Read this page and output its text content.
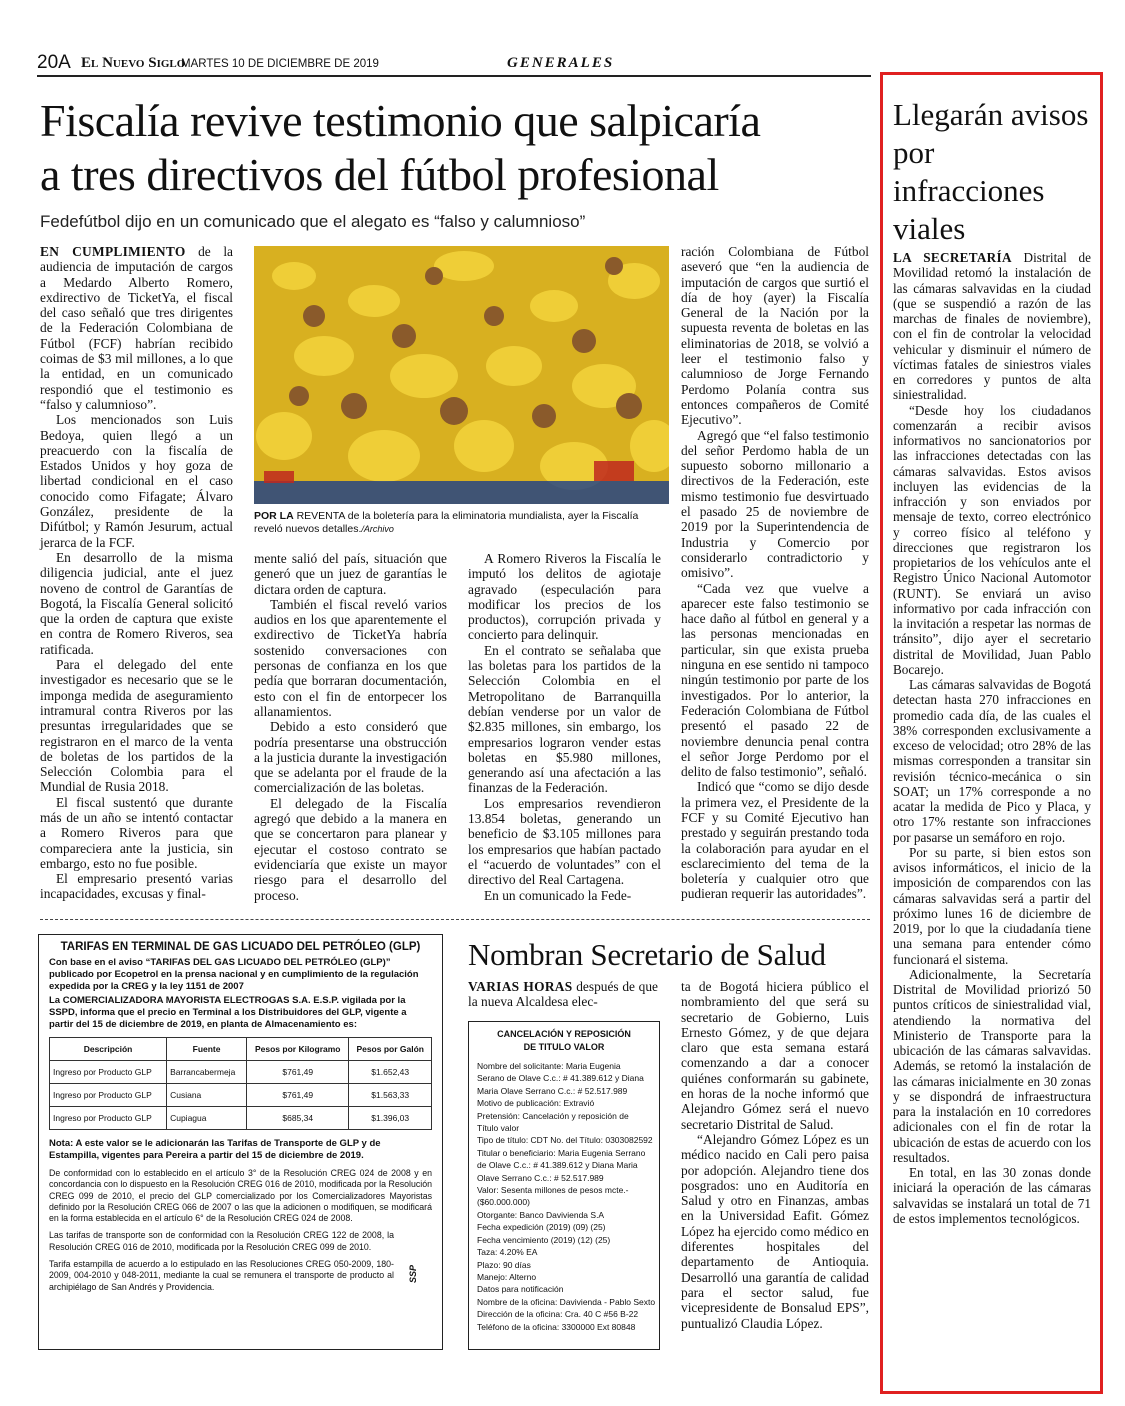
20A El Nuevo Siglo
MARTES 10 DE DICIEMBRE DE 2019	GENERALES
Fiscalía revive testimonio que salpicaría
a tres directivos del fútbol profesional
Fedefútbol dijo en un comunicado que el alegato es “falso y calumnioso”

EN CUMPLIMIENTO de la audiencia de imputación de cargos a Medardo Alberto Romero, exdirectivo de TicketYa, el fiscal del caso señaló que tres dirigentes de la Federación Colombiana de Fútbol (FCF) habrían recibido coimas de $3 mil millones, a lo que la entidad, en un comunicado respondió que el testimonio es “falso y calumnioso”.

Los mencionados son Luis Bedoya, quien llegó a un preacuerdo con la fiscalía de Estados Unidos y hoy goza de libertad condicional en el caso conocido como Fifagate; Álvaro González, presidente de la Difútbol; y Ramón Jesurum, actual jerarca de la FCF.

En desarrollo de la misma diligencia judicial, ante el juez noveno de control de Garantías de Bogotá, la Fiscalía General solicitó que la orden de captura que existe en contra de Romero Riveros, sea ratificada.

Para el delegado del ente investigador es necesario que se le imponga medida de aseguramiento intramural contra Riveros por las presuntas irregularidades que se registraron en el marco de la venta de boletas de los partidos de la Selección Colombia para el Mundial de Rusia 2018.

El fiscal sustentó que durante más de un año se intentó contactar a Romero Riveros para que compareciera ante la justicia, sin embargo, esto no fue posible.

El empresario presentó varias incapacidades, excusas y final-

POR LA REVENTA de la boletería para la eliminatoria mundialista, ayer la Fiscalía reveló nuevos detalles./Archivo

mente salió del país, situación que generó que un juez de garantías le dictara orden de captura.

También el fiscal reveló varios audios en los que aparentemente el exdirectivo de TicketYa habría sostenido conversaciones con personas de confianza en los que pedía que borraran documentación, esto con el fin de entorpecer los allanamientos.

Debido a esto consideró que podría presentarse una obstrucción a la justicia durante la investigación que se adelanta por el fraude de la comercialización de las boletas.

El delegado de la Fiscalía agregó que debido a la manera en que se concertaron para planear y ejecutar el costoso contrato se evidenciaría que existe un mayor riesgo para el desarrollo del proceso.

A Romero Riveros la Fiscalía le imputó los delitos de agiotaje agravado (especulación para modificar los precios de los productos), corrupción privada y concierto para delinquir.

En el contrato se señalaba que las boletas para los partidos de la Selección Colombia en el Metropolitano de Barranquilla debían venderse por un valor de $2.835 millones, sin embargo, los empresarios lograron vender estas boletas en $5.980 millones, generando así una afectación a las finanzas de la Federación.

Los empresarios revendieron 13.854 boletas, generando un beneficio de $3.105 millones para los empresarios que habían pactado el “acuerdo de voluntades” con el directivo del Real Cartagena.

En un comunicado la Fede-

ración Colombiana de Fútbol aseveró que “en la audiencia de imputación de cargos que surtió el día de hoy (ayer) la Fiscalía General de la Nación por la supuesta reventa de boletas en las eliminatorias de 2018, se volvió a leer el testimonio falso y calumnioso de Jorge Fernando Perdomo Polanía contra sus entonces compañeros de Comité Ejecutivo”.

Agregó que “el falso testimonio del señor Perdomo habla de un supuesto soborno millonario a directivos de la Federación, este mismo testimonio fue desvirtuado el pasado 25 de noviembre de 2019 por la Superintendencia de Industria y Comercio por considerarlo contradictorio y omisivo”.

“Cada vez que vuelve a aparecer este falso testimonio se hace daño al fútbol en general y a las personas mencionadas en particular, sin que exista prueba ninguna en ese sentido ni tampoco ningún testimonio por parte de los investigados. Por lo anterior, la Federación Colombiana de Fútbol presentó el pasado 22 de noviembre denuncia penal contra el señor Jorge Perdomo por el delito de falso testimonio”, señaló.

Indicó que “como se dijo desde la primera vez, el Presidente de la FCF y su Comité Ejecutivo han prestado y seguirán prestando toda la colaboración para ayudar en el esclarecimiento del tema de la boletería y cualquier otro que pudieran requerir las autoridades”.

TARIFAS EN TERMINAL DE GAS LICUADO DEL PETRÓLEO (GLP)
Con base en el aviso “TARIFAS DEL GAS LICUADO DEL PETRÓLEO (GLP)” publicado por Ecopetrol en la prensa nacional y en cumplimiento de la regulación expedida por la CREG y la ley 1151 de 2007
La COMERCIALIZADORA MAYORISTA ELECTROGAS S.A. E.S.P. vigilada por la SSPD, informa que el precio en Terminal a los Distribuidores del GLP, vigente a partir del 15 de diciembre de 2019, en planta de Almacenamiento es:
Descripción	Fuente	Pesos por Kilogramo	Pesos por Galón
Ingreso por Producto GLP	Barrancabermeja	$761,49	$1.652,43
Ingreso por Producto GLP	Cusiana	$761,49	$1.563,33
Ingreso por Producto GLP	Cupiagua	$685,34	$1.396,03
Nota: A este valor se le adicionarán las Tarifas de Transporte de GLP y de Estampilla, vigentes para Pereira a partir del 15 de diciembre de 2019.
De conformidad con lo establecido en el artículo 3° de la Resolución CREG 024 de 2008 y en concordancia con lo dispuesto en la Resolución CREG 016 de 2010, modificada por la Resolución CREG 099 de 2010, el precio del GLP comercializado por los Comercializadores Mayoristas definido por la Resolución CREG 066 de 2007 o las que la adicionen o modifiquen, se modificará en la forma establecida en el artículo 6° de la Resolución CREG 024 de 2008.
Las tarifas de transporte son de conformidad con la Resolución CREG 122 de 2008, la Resolución CREG 016 de 2010, modificada por la Resolución CREG 099 de 2010.
Tarifa estampilla de acuerdo a lo estipulado en las Resoluciones CREG 050-2009, 180-2009, 004-2010 y 048-2011, mediante la cual se remunera el transporte de producto al archipiélago de San Andrés y Providencia.
SSP
Nombran Secretario de Salud

VARIAS HORAS después de que la nueva Alcaldesa elec-

CANCELACIÓN Y REPOSICIÓN
DE TITULO VALOR
Nombre del solicitante: Maria Eugenia
Serano de Olave C.c.: # 41.389.612 y Diana
Maria Olave Serrano C.c.: # 52.517.989
Motivo de publicación: Extravió
Pretensión: Cancelación y reposición de
Título valor
Tipo de título: CDT No. del Título: 0303082592
Titular o beneficiario: Maria Eugenia Serrano
de Olave C.c.: # 41.389.612 y Diana Maria
Olave Serrano C.c.: # 52.517.989
Valor: Sesenta millones de pesos mcte.-
($60.000.000)
Otorgante: Banco Davivienda S.A
Fecha expedición (2019) (09) (25)
Fecha vencimiento (2019) (12) (25)
Taza: 4.20% EA
Plazo: 90 días
Manejo: Alterno
Datos para notificación
Nombre de la oficina: Davivienda - Pablo Sexto
Dirección de la oficina: Cra. 40 C #56 B-22
Teléfono de la oficina: 3300000 Ext 80848

ta de Bogotá hiciera público el nombramiento del que será su secretario de Gobierno, Luis Ernesto Gómez, y de que dejara claro que esta semana estará comenzando a dar a conocer quiénes conformarán su gabinete, en horas de la noche informó que Alejandro Gómez será el nuevo secretario Distrital de Salud.

“Alejandro Gómez López es un médico nacido en Cali pero paisa por adopción. Alejandro tiene dos posgrados: uno en Auditoría en Salud y otro en Finanzas, ambas en la Universidad Eafit. Gómez López ha ejercido como médico en diferentes hospitales del departamento de Antioquia. Desarrolló una garantía de calidad para el sector salud, fue vicepresidente de Bonsalud EPS”, puntualizó Claudia López.

Llegarán avisos por infracciones viales

LA SECRETARÍA Distrital de Movilidad retomó la instalación de las cámaras salvavidas en la ciudad (que se suspendió a razón de las marchas de finales de noviembre), con el fin de controlar la velocidad vehicular y disminuir el número de víctimas fatales de siniestros viales en corredores y puntos de alta siniestralidad.

“Desde hoy los ciudadanos comenzarán a recibir avisos informativos no sancionatorios por las infracciones detectadas con las cámaras salvavidas. Estos avisos incluyen las evidencias de la infracción y son enviados por mensaje de texto, correo electrónico y correo físico al teléfono y direcciones que registraron los propietarios de los vehículos ante el Registro Único Nacional Automotor (RUNT). Se enviará un aviso informativo por cada infracción con la invitación a respetar las normas de tránsito”, dijo ayer el secretario distrital de Movilidad, Juan Pablo Bocarejo.

Las cámaras salvavidas de Bogotá detectan hasta 270 infracciones en promedio cada día, de las cuales el 38% corresponden exclusivamente a exceso de velocidad; otro 28% de las mismas corresponden a transitar sin revisión técnico-mecánica o sin SOAT; un 17% corresponde a no acatar la medida de Pico y Placa, y otro 17% restante son infracciones por pasarse un semáforo en rojo.

Por su parte, si bien estos son avisos informáticos, el inicio de la imposición de comparendos con las cámaras salvavidas será a partir del próximo lunes 16 de diciembre de 2019, por lo que la ciudadanía tiene una semana para entender cómo funcionará el sistema.

Adicionalmente, la Secretaría Distrital de Movilidad priorizó 50 puntos críticos de siniestralidad vial, atendiendo la normativa del Ministerio de Transporte para la ubicación de las cámaras salvavidas. Además, se retomó la instalación de las cámaras inicialmente en 30 zonas y se dispondrá de infraestructura para la instalación en 10 corredores adicionales con el fin de rotar la ubicación de estas de acuerdo con los resultados.

En total, en las 30 zonas donde iniciará la operación de las cámaras salvavidas se instalará un total de 71 de estos implementos tecnológicos.
